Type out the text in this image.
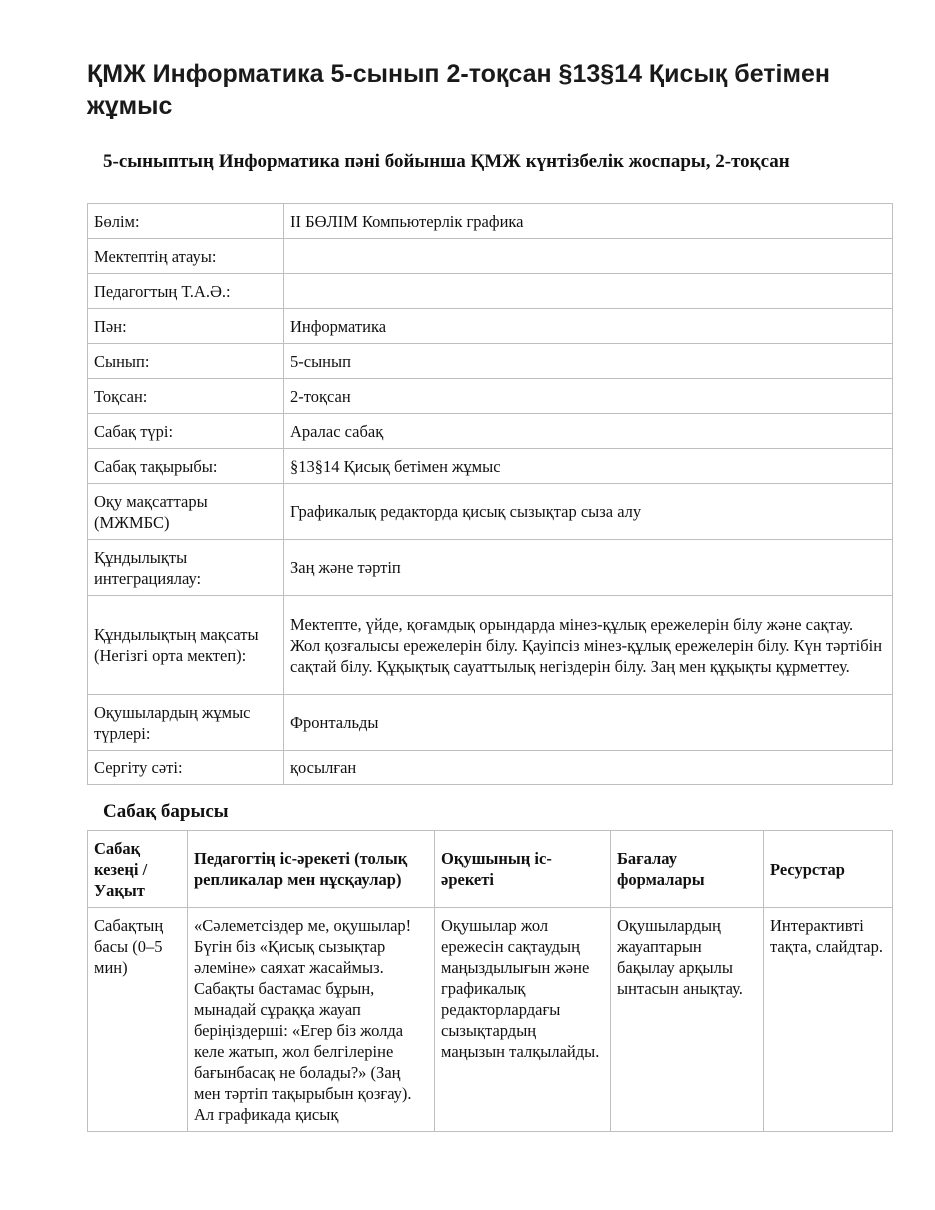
ҚМЖ Информатика 5-сынып 2-тоқсан §13§14 Қисық бетімен жұмыс
5-сыныптың Информатика пәні бойынша ҚМЖ күнтізбелік жоспары, 2-тоқсан
Бөлім:	II БӨЛІМ Компьютерлік графика
Мектептің атауы:	
Педагогтың Т.А.Ә.:	
Пән:	Информатика
Сынып:	5-сынып
Тоқсан:	2-тоқсан
Сабақ түрі:	Аралас сабақ
Сабақ тақырыбы:	§13§14 Қисық бетімен жұмыс
Оқу мақсаттары (МЖМБС)	Графикалық редакторда қисық сызықтар сыза алу
Құндылықты интеграциялау:	Заң және тәртіп
Құндылықтың мақсаты (Негізгі орта мектеп):	Мектепте, үйде, қоғамдық орындарда мінез-құлық ережелерін білу және сақтау. Жол қозғалысы ережелерін білу. Қауіпсіз мінез-құлық ережелерін білу. Күн тәртібін сақтай білу. Құқықтық сауаттылық негіздерін білу. Заң мен құқықты құрметтеу.
Оқушылардың жұмыс түрлері:	Фронтальды
Сергіту сәті:	қосылған
Сабақ барысы
Сабақ кезеңі / Уақыт	Педагогтің іс-әрекеті (толық репликалар мен нұсқаулар)	Оқушының іс-әрекеті	Бағалау формалары	Ресурстар
Сабақтың басы (0–5 мин)	«Сәлеметсіздер ме, оқушылар! Бүгін біз «Қисық сызықтар әлеміне» саяхат жасаймыз. Сабақты бастамас бұрын, мынадай сұраққа жауап беріңіздерші: «Егер біз жолда келе жатып, жол белгілеріне бағынбасақ не болады?» (Заң мен тәртіп тақырыбын қозғау). Ал графикада қисық	Оқушылар жол ережесін сақтаудың маңыздылығын және графикалық редакторлардағы сызықтардың маңызын талқылайды.	Оқушылардың жауаптарын бақылау арқылы ынтасын анықтау.	Интерактивті тақта, слайдтар.
